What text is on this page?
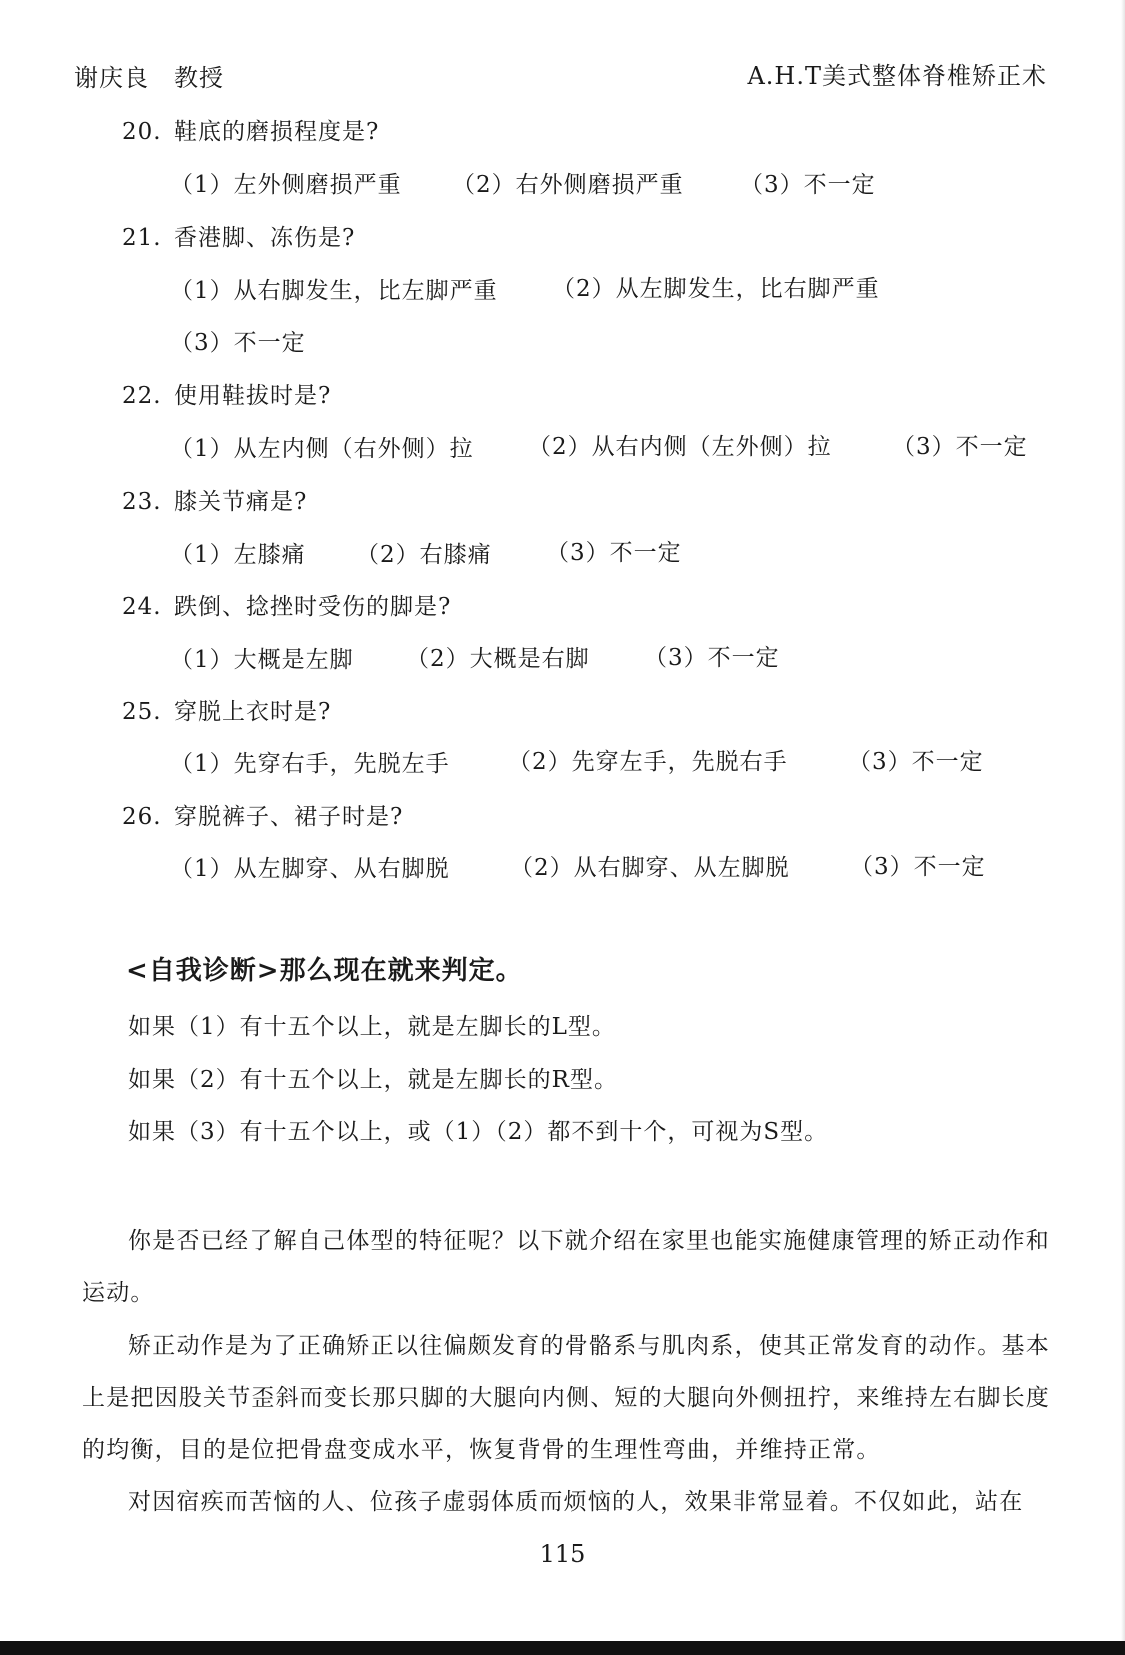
谢庆良　教授	A.H.T美式整体脊椎矫正术
20. 鞋底的磨损程度是?
（1）左外侧磨损严重 （2）右外侧磨损严重 （3）不一定
21. 香港脚、冻伤是?
（1）从右脚发生，比左脚严重 （2）从左脚发生，比右脚严重
（3）不一定
22. 使用鞋拔时是?
（1）从左内侧（右外侧）拉 （2）从右内侧（左外侧）拉	（3）不一定
23. 膝关节痛是?
（1）左膝痛 （2）右膝痛 （3）不一定
24. 跌倒、捻挫时受伤的脚是?
（1）大概是左脚 （2）大概是右脚 （3）不一定
25. 穿脱上衣时是?
（1）先穿右手，先脱左手	（2）先穿左手，先脱右手	（3）不一定
26. 穿脱裤子、裙子时是?
（1）从左脚穿、从右脚脱	（2）从右脚穿、从左脚脱	（3）不一定
<自我诊断>那么现在就来判定。
如果（1）有十五个以上，就是左脚长的L型。
如果（2）有十五个以上，就是左脚长的R型。
如果（3）有十五个以上，或（1）（2）都不到十个，可视为S型。
你是否已经了解自己体型的特征呢？以下就介绍在家里也能实施健康管理的矫正动作和运动。
矫正动作是为了正确矫正以往偏颇发育的骨骼系与肌肉系，使其正常发育的动作。基本上是把因股关节歪斜而变长那只脚的大腿向内侧、短的大腿向外侧扭拧，来维持左右脚长度的均衡，目的是位把骨盘变成水平，恢复背骨的生理性弯曲，并维持正常。
对因宿疾而苦恼的人、位孩子虚弱体质而烦恼的人，效果非常显着。不仅如此，站在
115
